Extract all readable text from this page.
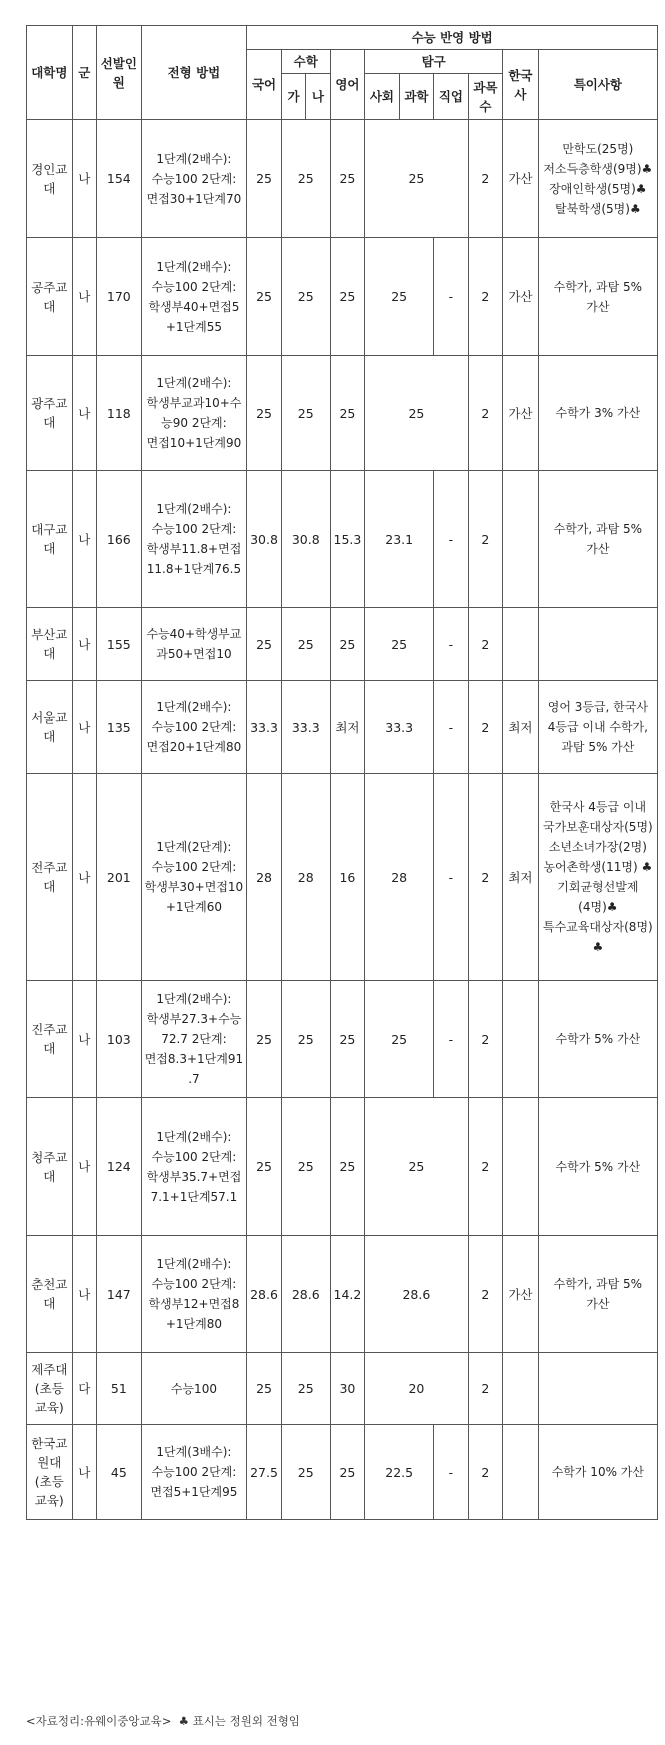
대학명	군	선발인원	전형 방법	수능 반영 방법									
				국어	수학		영어	탐구				한국사	특이사항
					가	나		사회	과학	직업	과목수		
경인교대	나	154	1단계(2배수): 수능100 2단계:면접30+1단계70	25	25		25	25			2	가산	만학도(25명)저소득층학생(9명)♣장애인학생(5명)♣ 탈북학생(5명)♣
공주교대	나	170	1단계(2배수): 수능100 2단계:학생부40+면접5+1단계55	25	25		25	25		-	2	가산	수학가, 과탐 5% 가산
광주교대	나	118	1단계(2배수): 학생부교과10+수능90 2단계:면접10+1단계90	25	25		25	25			2	가산	수학가 3% 가산
대구교대	나	166	1단계(2배수): 수능100 2단계:학생부11.8+면접11.8+1단계76.5	30.8	30.8		15.3	23.1		-	2		수학가, 과탐 5% 가산
부산교대	나	155	수능40+학생부교과50+면접10	25	25		25	25		-	2		
서울교대	나	135	1단계(2배수): 수능100 2단계:면접20+1단계80	33.3	33.3		최저	33.3		-	2	최저	영어 3등급, 한국사 4등급 이내 수학가, 과탐 5% 가산
전주교대	나	201	1단계(2단계): 수능100 2단계:학생부30+면접10+1단계60	28	28		16	28		-	2	최저	한국사 4등급 이내 국가보훈대상자(5명) 소년소녀가장(2명) 농어촌학생(11명) ♣ 기회균형선발제(4명)♣ 특수교육대상자(8명) ♣
진주교대	나	103	1단계(2배수): 학생부27.3+수능72.7 2단계:면접8.3+1단계91.7	25	25		25	25		-	2		수학가 5% 가산
청주교대	나	124	1단계(2배수): 수능100 2단계:학생부35.7+면접7.1+1단계57.1	25	25		25	25			2		수학가 5% 가산
춘천교대	나	147	1단계(2배수): 수능100 2단계:학생부12+면접8+1단계80	28.6	28.6		14.2	28.6			2	가산	수학가, 과탐 5% 가산
제주대(초등교육)	다	51	수능100	25	25		30	20			2		
한국교원대(초등교육)	나	45	1단계(3배수): 수능100 2단계:면접5+1단계95	27.5	25		25	22.5		-	2		수학가 10% 가산
<자료정리:유웨이중앙교육>  ♣ 표시는 정원외 전형임
